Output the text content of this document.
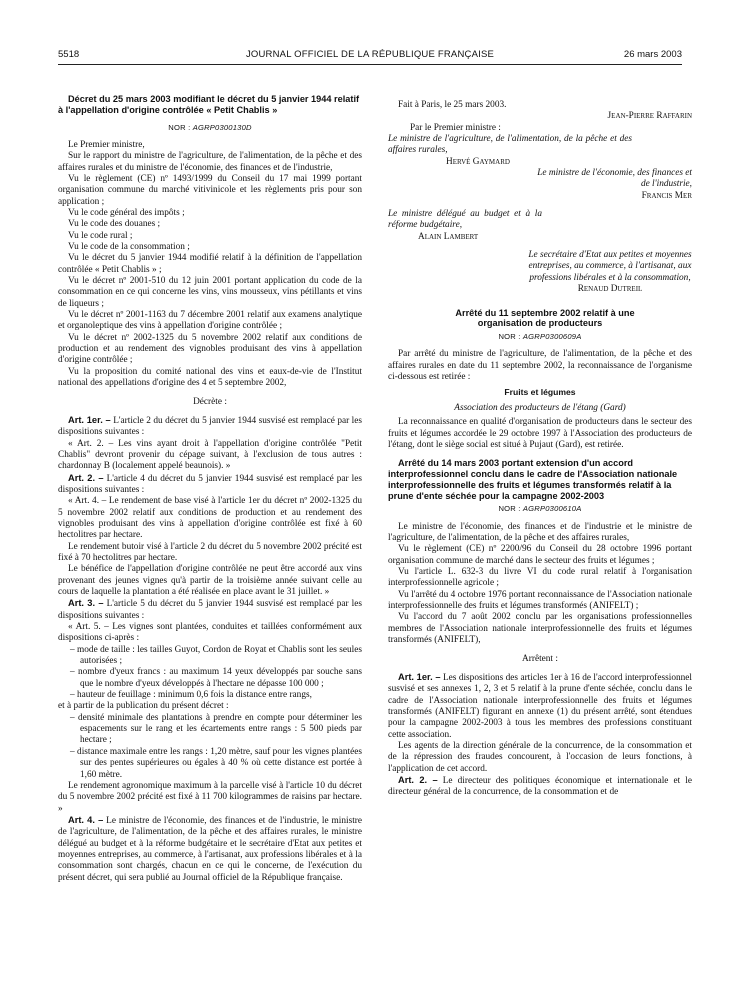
5518	JOURNAL OFFICIEL DE LA RÉPUBLIQUE FRANÇAISE	26 mars 2003

Décret du 25 mars 2003 modifiant le décret du 5 janvier 1944 relatif à l'appellation d'origine contrôlée « Petit Chablis »

NOR : AGRP0300130D

Le Premier ministre,

Sur le rapport du ministre de l'agriculture, de l'alimentation, de la pêche et des affaires rurales et du ministre de l'économie, des finances et de l'industrie,

Vu le règlement (CE) nº 1493/1999 du Conseil du 17 mai 1999 portant organisation commune du marché vitivinicole et les règlements pris pour son application ;

Vu le code général des impôts ;

Vu le code des douanes ;

Vu le code rural ;

Vu le code de la consommation ;

Vu le décret du 5 janvier 1944 modifié relatif à la définition de l'appellation contrôlée « Petit Chablis » ;

Vu le décret nº 2001-510 du 12 juin 2001 portant application du code de la consommation en ce qui concerne les vins, vins mousseux, vins pétillants et vins de liqueurs ;

Vu le décret nº 2001-1163 du 7 décembre 2001 relatif aux examens analytique et organoleptique des vins à appellation d'origine contrôlée ;

Vu le décret nº 2002-1325 du 5 novembre 2002 relatif aux conditions de production et au rendement des vignobles produisant des vins à appellation d'origine contrôlée ;

Vu la proposition du comité national des vins et eaux-de-vie de l'Institut national des appellations d'origine des 4 et 5 septembre 2002,

Décrète :

Art. 1er. – L'article 2 du décret du 5 janvier 1944 susvisé est remplacé par les dispositions suivantes :

« Art. 2. – Les vins ayant droit à l'appellation d'origine contrôlée "Petit Chablis" devront provenir du cépage suivant, à l'exclusion de tous autres : chardonnay B (localement appelé beaunois). »

Art. 2. – L'article 4 du décret du 5 janvier 1944 susvisé est remplacé par les dispositions suivantes :

« Art. 4. – Le rendement de base visé à l'article 1er du décret nº 2002-1325 du 5 novembre 2002 relatif aux conditions de production et au rendement des vignobles produisant des vins à appellation d'origine contrôlée est fixé à 60 hectolitres par hectare.

Le rendement butoir visé à l'article 2 du décret du 5 novembre 2002 précité est fixé à 70 hectolitres par hectare.

Le bénéfice de l'appellation d'origine contrôlée ne peut être accordé aux vins provenant des jeunes vignes qu'à partir de la troisième année suivant celle au cours de laquelle la plantation a été réalisée en place avant le 31 juillet. »

Art. 3. – L'article 5 du décret du 5 janvier 1944 susvisé est remplacé par les dispositions suivantes :

« Art. 5. – Les vignes sont plantées, conduites et taillées conformément aux dispositions ci-après :

– mode de taille : les tailles Guyot, Cordon de Royat et Chablis sont les seules autorisées ;

– nombre d'yeux francs : au maximum 14 yeux développés par souche sans que le nombre d'yeux développés à l'hectare ne dépasse 100 000 ;

– hauteur de feuillage : minimum 0,6 fois la distance entre rangs,

et à partir de la publication du présent décret :

– densité minimale des plantations à prendre en compte pour déterminer les espacements sur le rang et les écartements entre rangs : 5 500 pieds par hectare ;

– distance maximale entre les rangs : 1,20 mètre, sauf pour les vignes plantées sur des pentes supérieures ou égales à 40 % où cette distance est portée à 1,60 mètre.

Le rendement agronomique maximum à la parcelle visé à l'article 10 du décret du 5 novembre 2002 précité est fixé à 11 700 kilogrammes de raisins par hectare. »

Art. 4. – Le ministre de l'économie, des finances et de l'industrie, le ministre de l'agriculture, de l'alimentation, de la pêche et des affaires rurales, le ministre délégué au budget et à la réforme budgétaire et le secrétaire d'Etat aux petites et moyennes entreprises, au commerce, à l'artisanat, aux professions libérales et à la consommation sont chargés, chacun en ce qui le concerne, de l'exécution du présent décret, qui sera publié au Journal officiel de la République française.

Fait à Paris, le 25 mars 2003.

Jean-Pierre Raffarin

Par le Premier ministre :

Le ministre de l'agriculture, de l'alimentation, de la pêche et des affaires rurales,

Hervé Gaymard

Le ministre de l'économie, des finances et de l'industrie,

Francis Mer

Le ministre délégué au budget et à la réforme budgétaire,

Alain Lambert

Le secrétaire d'Etat aux petites et moyennes entreprises, au commerce, à l'artisanat, aux professions libérales et à la consommation,

Renaud Dutreil

Arrêté du 11 septembre 2002 relatif à une organisation de producteurs

NOR : AGRP0300609A

Par arrêté du ministre de l'agriculture, de l'alimentation, de la pêche et des affaires rurales en date du 11 septembre 2002, la reconnaissance de l'organisme ci-dessous est retirée :

Fruits et légumes

Association des producteurs de l'étang (Gard)

La reconnaissance en qualité d'organisation de producteurs dans le secteur des fruits et légumes accordée le 29 octobre 1997 à l'Association des producteurs de l'étang, dont le siège social est situé à Pujaut (Gard), est retirée.

Arrêté du 14 mars 2003 portant extension d'un accord interprofessionnel conclu dans le cadre de l'Association nationale interprofessionnelle des fruits et légumes transformés relatif à la prune d'ente séchée pour la campagne 2002-2003

NOR : AGRP0300610A

Le ministre de l'économie, des finances et de l'industrie et le ministre de l'agriculture, de l'alimentation, de la pêche et des affaires rurales,

Vu le règlement (CE) nº 2200/96 du Conseil du 28 octobre 1996 portant organisation commune de marché dans le secteur des fruits et légumes ;

Vu l'article L. 632-3 du livre VI du code rural relatif à l'organisation interprofessionnelle agricole ;

Vu l'arrêté du 4 octobre 1976 portant reconnaissance de l'Association nationale interprofessionnelle des fruits et légumes transformés (ANIFELT) ;

Vu l'accord du 7 août 2002 conclu par les organisations professionnelles membres de l'Association nationale interprofessionnelle des fruits et légumes transformés (ANIFELT),

Arrêtent :

Art. 1er. – Les dispositions des articles 1er à 16 de l'accord interprofessionnel susvisé et ses annexes 1, 2, 3 et 5 relatif à la prune d'ente séchée, conclu dans le cadre de l'Association nationale interprofessionnelle des fruits et légumes transformés (ANIFELT) figurant en annexe (1) du présent arrêté, sont étendues pour la campagne 2002-2003 à tous les membres des professions constituant cette association.

Les agents de la direction générale de la concurrence, de la consommation et de la répression des fraudes concourent, à l'occasion de leurs fonctions, à l'application de cet accord.

Art. 2. – Le directeur des politiques économique et internationale et le directeur général de la concurrence, de la consommation et de
